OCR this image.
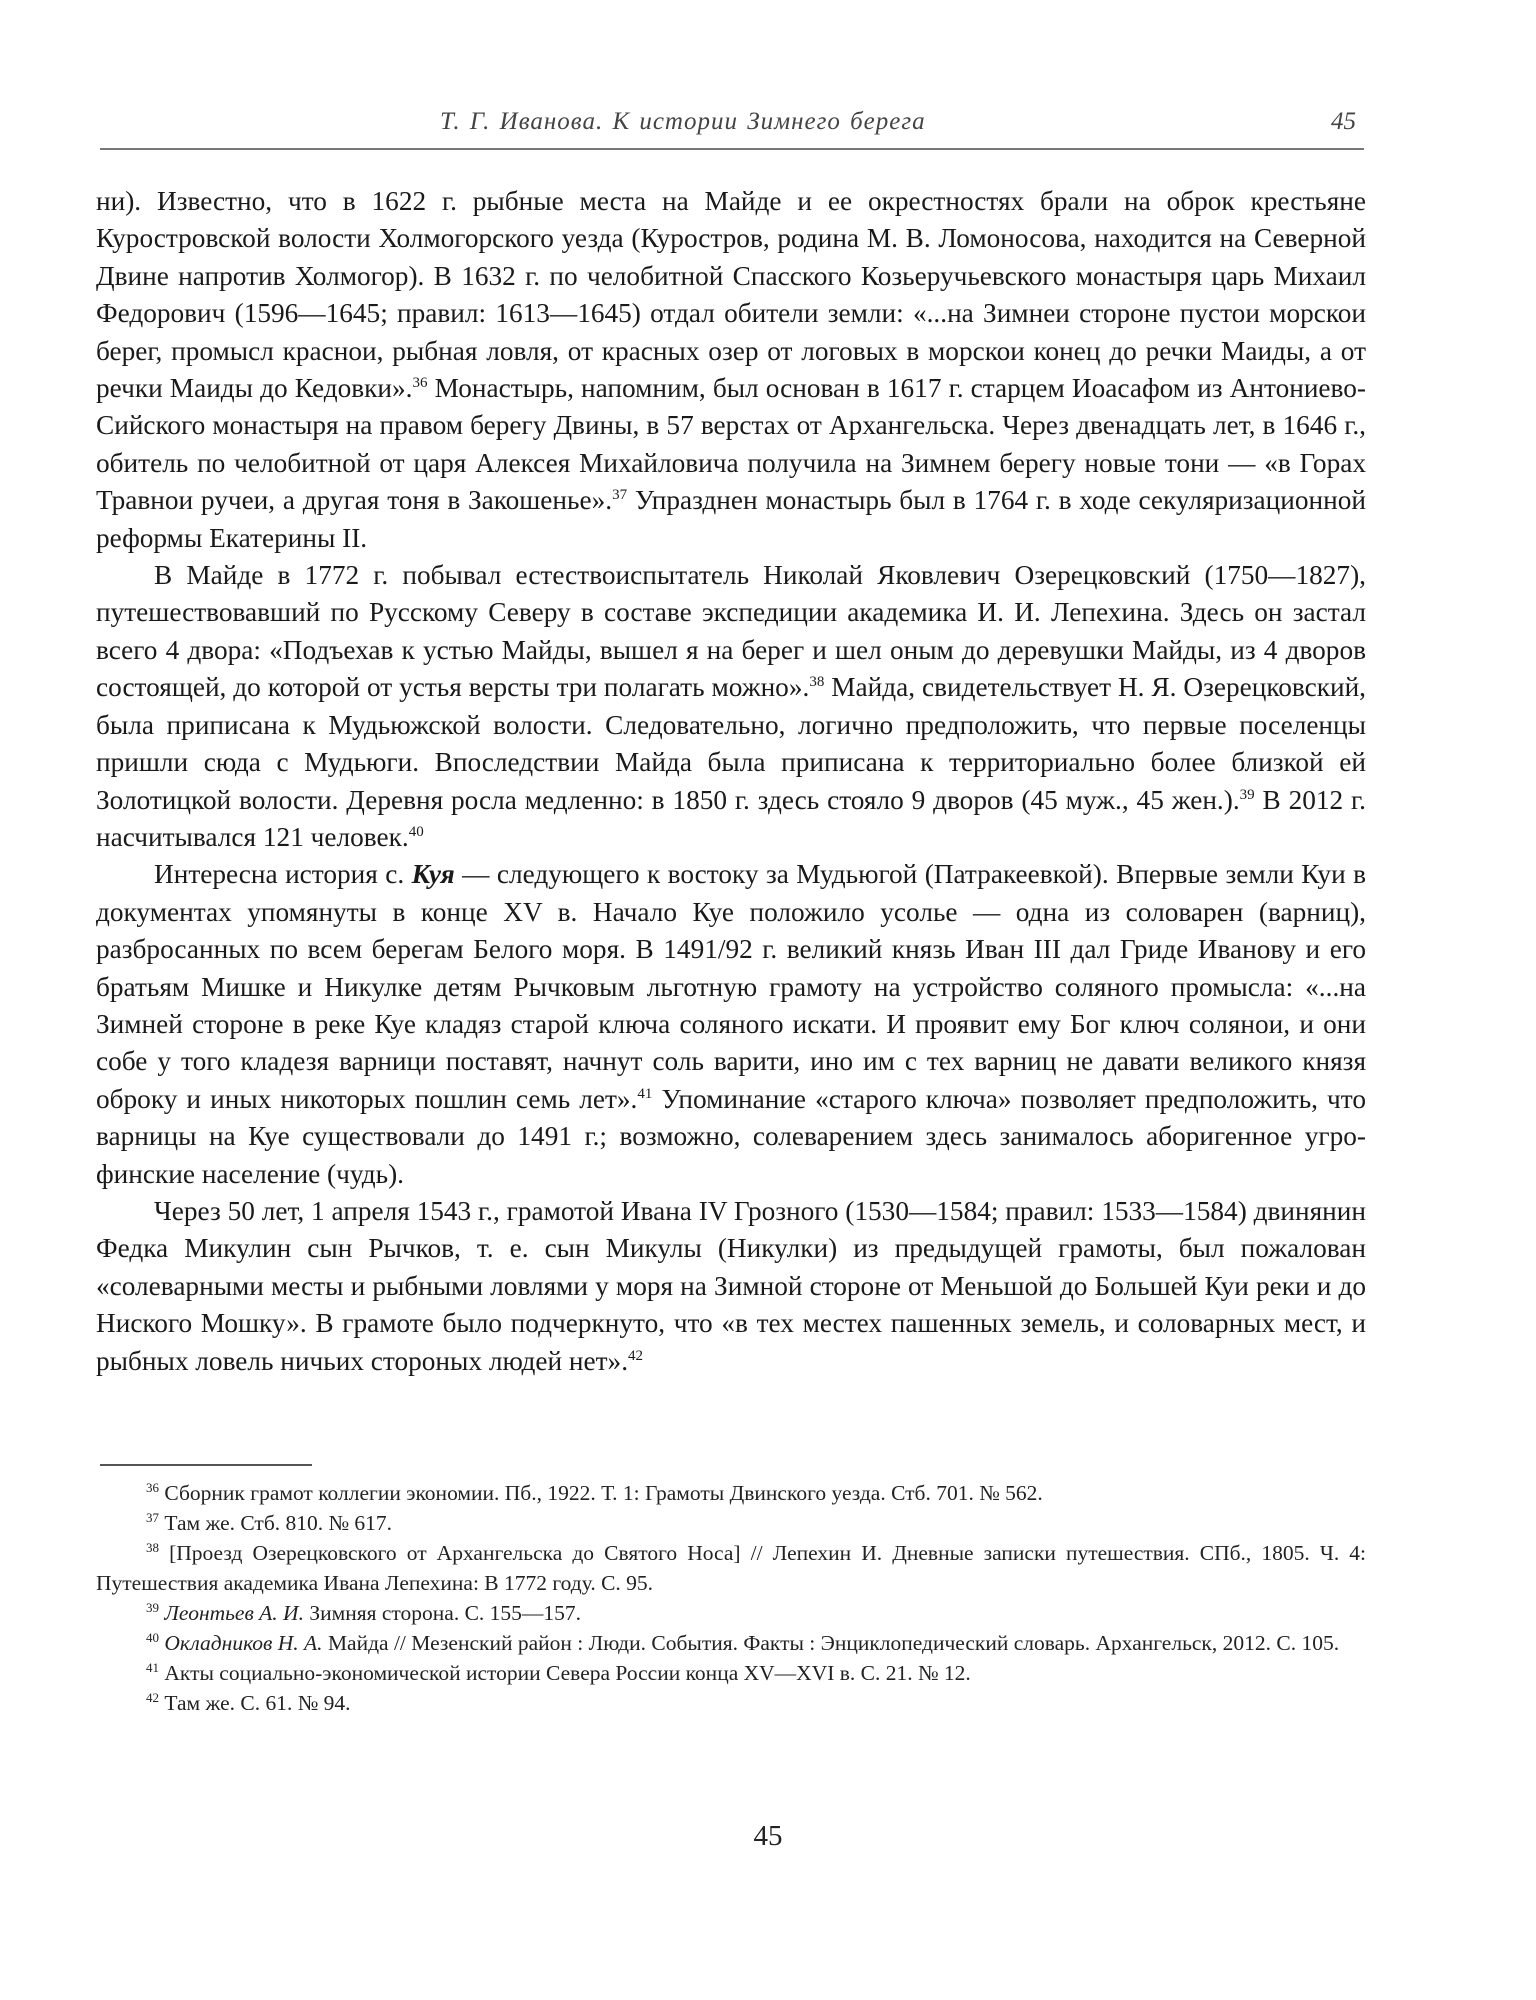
Т. Г. Иванова. К истории Зимнего берега	45

ни). Известно, что в 1622 г. рыбные места на Майде и ее окрестностях брали на оброк крестьяне Куростровской волости Холмогорского уезда (Куростров, родина М. В. Ломоносова, находится на Северной Двине напротив Холмогор). В 1632 г. по челобитной Спасского Козьеручьевского монастыря царь Михаил Федорович (1596—1645; правил: 1613—1645) отдал обители земли: «...на Зимнеи стороне пустои морскои берег, промысл краснои, рыбная ловля, от красных озер от логовых в морскои конец до речки Маиды, а от речки Маиды до Кедовки».$^{36}$ Монастырь, напомним, был основан в 1617 г. старцем Иоасафом из Антониево-Сийского монастыря на правом берегу Двины, в 57 верстах от Архангельска. Через двенадцать лет, в 1646 г., обитель по челобитной от царя Алексея Михайловича получила на Зимнем берегу новые тони — «в Горах Травнои ручеи, а другая тоня в Закошенье».$^{37}$ Упразднен монастырь был в 1764 г. в ходе секуляризационной реформы Екатерины II.

В Майде в 1772 г. побывал естествоиспытатель Николай Яковлевич Озерецковский (1750—1827), путешествовавший по Русскому Северу в составе экспедиции академика И. И. Лепехина. Здесь он застал всего 4 двора: «Подъехав к устью Майды, вышел я на берег и шел оным до деревушки Майды, из 4 дворов состоящей, до которой от устья версты три полагать можно».$^{38}$ Майда, свидетельствует Н. Я. Озерецковский, была приписана к Мудьюжской волости. Следовательно, логично предположить, что первые поселенцы пришли сюда с Мудьюги. Впоследствии Майда была приписана к территориально более близкой ей Золотицкой волости. Деревня росла медленно: в 1850 г. здесь стояло 9 дворов (45 муж., 45 жен.).$^{39}$ В 2012 г. насчитывался 121 человек.$^{40}$

Интересна история с. Куя — следующего к востоку за Мудьюгой (Патракеевкой). Впервые земли Куи в документах упомянуты в конце XV в. Начало Куе положило усолье — одна из соловарен (варниц), разбросанных по всем берегам Белого моря. В 1491/92 г. великий князь Иван III дал Гриде Иванову и его братьям Мишке и Никулке детям Рычковым льготную грамоту на устройство соляного промысла: «...на Зимней стороне в реке Куе кладяз старой ключа соляного искати. И проявит ему Бог ключ солянои, и они собе у того кладезя варници поставят, начнут соль варити, ино им с тех варниц не давати великого князя оброку и иных никоторых пошлин семь лет».$^{41}$ Упоминание «старого ключа» позволяет предположить, что варницы на Куе существовали до 1491 г.; возможно, солеварением здесь занималось аборигенное угро-финские население (чудь).

Через 50 лет, 1 апреля 1543 г., грамотой Ивана IV Грозного (1530—1584; правил: 1533—1584) двинянин Федка Микулин сын Рычков, т. е. сын Микулы (Никулки) из предыдущей грамоты, был пожалован «солеварными месты и рыбными ловлями у моря на Зимной стороне от Меньшой до Большей Куи реки и до Ниского Мошку». В грамоте было подчеркнуто, что «в тех местех пашенных земель, и соловарных мест, и рыбных ловель ничьих стороных людей нет».$^{42}$

$^{36}$ Сборник грамот коллегии экономии. Пб., 1922. Т. 1: Грамоты Двинского уезда. Стб. 701. № 562.

$^{37}$ Там же. Стб. 810. № 617.

$^{38}$ [Проезд Озерецковского от Архангельска до Святого Носа] // Лепехин И. Дневные записки путешествия. СПб., 1805. Ч. 4: Путешествия академика Ивана Лепехина: В 1772 году. С. 95.

$^{39}$ Леонтьев А. И. Зимняя сторона. С. 155—157.

$^{40}$ Окладников Н. А. Майда // Мезенский район : Люди. События. Факты : Энциклопедический словарь. Архангельск, 2012. С. 105.

$^{41}$ Акты социально-экономической истории Севера России конца XV—XVI в. С. 21. № 12.

$^{42}$ Там же. С. 61. № 94.

45
